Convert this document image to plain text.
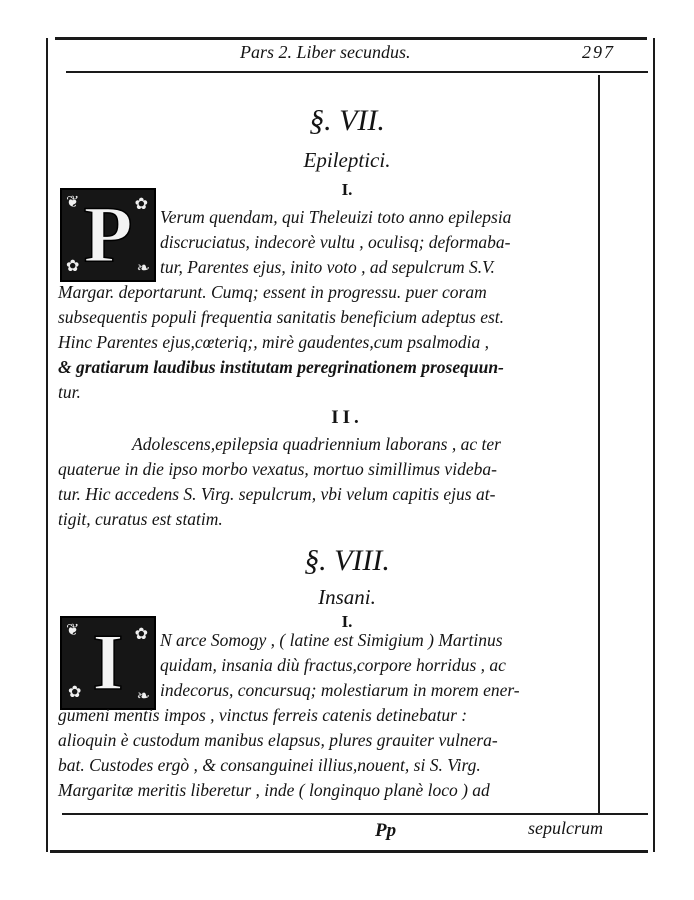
Pars 2. Liber secundus.	297
§. VII.
Epileptici.
I.
❦
❧
✿
✿
P Verum quendam, qui Theleuizi toto anno epilepsia
discruciatus, indecorè vultu , oculisq; deformaba-
tur, Parentes ejus, inito voto , ad sepulcrum S.V.
Margar. deportarunt. Cumq; essent in progressu. puer coram
subsequentis populi frequentia sanitatis beneficium adeptus est.
Hinc Parentes ejus,cœteriq;, mirè gaudentes,cum psalmodia ,
& gratiarum laudibus institutam peregrinationem prosequun-
tur.
II.
Adolescens,epilepsia quadriennium laborans , ac ter
quaterue in die ipso morbo vexatus, mortuo simillimus videba-
tur. Hic accedens S. Virg. sepulcrum, vbi velum capitis ejus at-
tigit, curatus est statim.
§. VIII.
Insani.
I.
❦
❧
✿
✿
I N arce Somogy , ( latine est Simigium ) Martinus
quidam, insania diù fractus,corpore horridus , ac
indecorus, concursuq; molestiarum in morem ener-
gumeni mentis impos , vinctus ferreis catenis detinebatur :
alioquin è custodum manibus elapsus, plures grauiter vulnera-
bat. Custodes ergò , & consanguinei illius,nouent, si S. Virg.
Margaritæ meritis liberetur , inde ( longinquo planè loco ) ad
Pp	sepulcrum
